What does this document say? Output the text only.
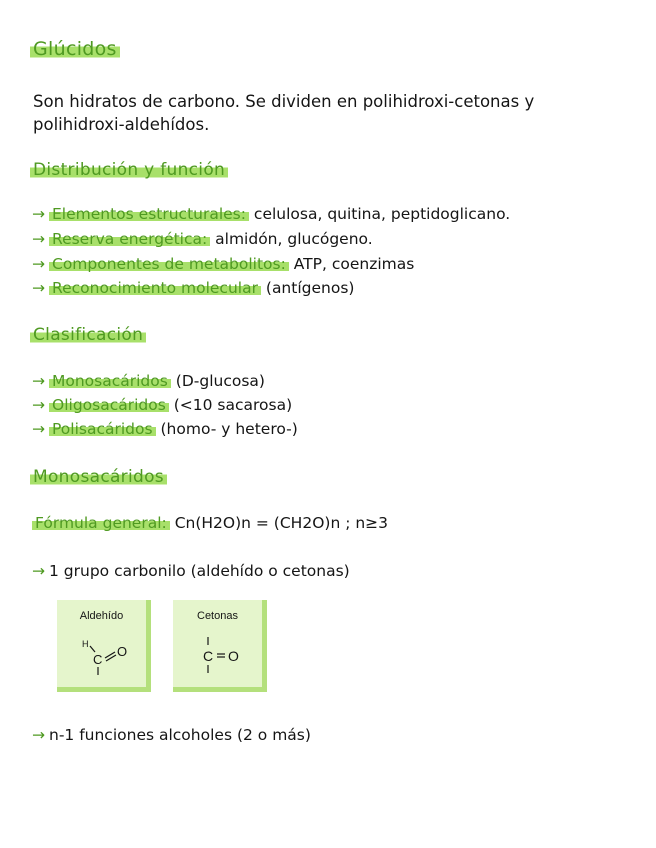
Glúcidos
Son hidratos de carbono. Se dividen en polihidroxi-cetonas y
polihidroxi-aldehídos.
Distribución y función
→ Elementos estructurales: celulosa, quitina, peptidoglicano.
→ Reserva energética: almidón, glucógeno.
→ Componentes de metabolitos: ATP, coenzimas
→ Reconocimiento molecular (antígenos)
Clasificación
→ Monosacáridos (D-glucosa)
→ Oligosacáridos (<10 sacarosa)
→ Polisacáridos (homo- y hetero-)
Monosacáridos
Fórmula general: Cn(H2O)n = (CH2O)n ; n≥3
→ 1 grupo carbonilo (aldehído o cetonas)
Aldehído
H
C
O
Cetonas
C O
→ n-1 funciones alcoholes (2 o más)
